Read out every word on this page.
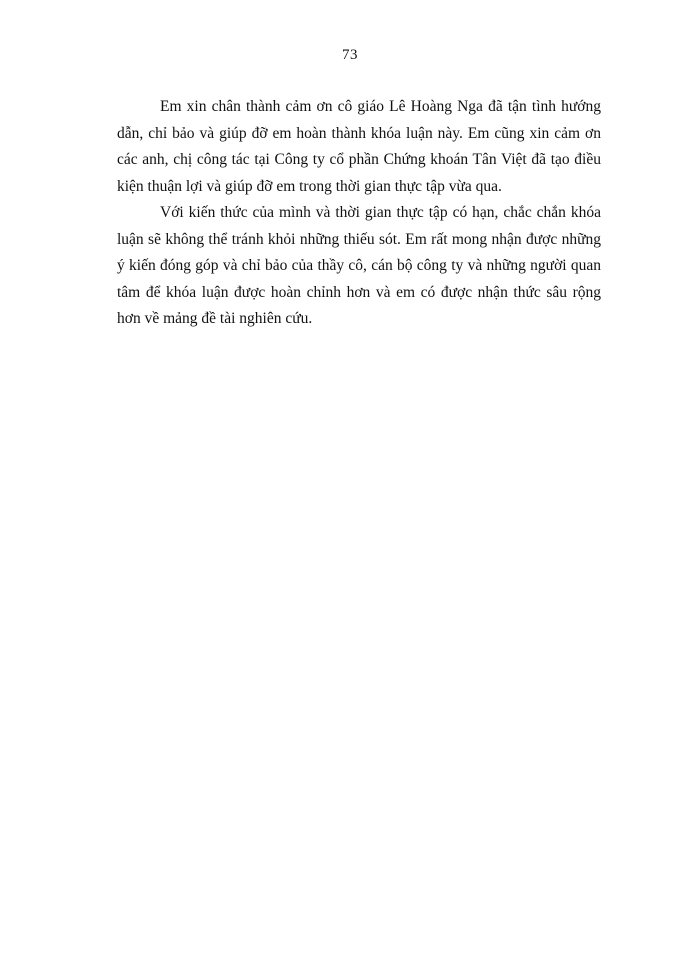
73

Em xin chân thành cảm ơn cô giáo Lê Hoàng Nga đã tận tình hướng dẫn, chỉ bảo và giúp đỡ em hoàn thành khóa luận này. Em cũng xin cảm ơn các anh, chị công tác tại Công ty cổ phần Chứng khoán Tân Việt đã tạo điều kiện thuận lợi và giúp đỡ em trong thời gian thực tập vừa qua.

Với kiến thức của mình và thời gian thực tập có hạn, chắc chắn khóa luận sẽ không thể tránh khỏi những thiếu sót. Em rất mong nhận được những ý kiến đóng góp và chỉ bảo của thầy cô, cán bộ công ty và những người quan tâm để khóa luận được hoàn chỉnh hơn và em có được nhận thức sâu rộng hơn về mảng đề tài nghiên cứu.
